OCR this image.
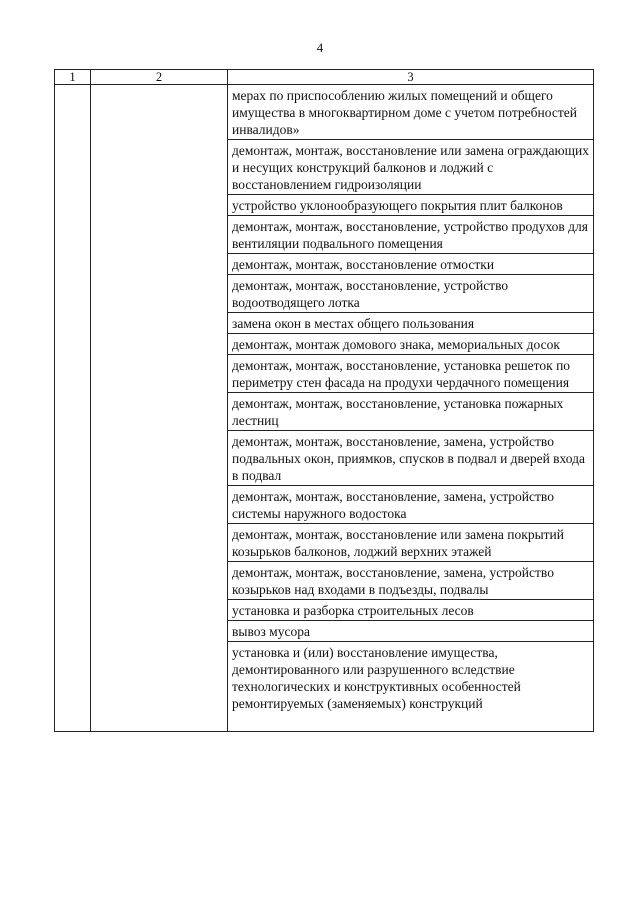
4
1	2	3
		мерах по приспособлению жилых помещений и общего имущества в многоквартирном доме с учетом потребностей инвалидов»
		демонтаж, монтаж, восстановление или замена ограждающих и несущих конструкций балконов и лоджий с восстановлением гидроизоляции
		устройство уклонообразующего покрытия плит балконов
		демонтаж, монтаж, восстановление, устройство продухов для вентиляции подвального помещения
		демонтаж, монтаж, восстановление отмостки
		демонтаж, монтаж, восстановление, устройство водоотводящего лотка
		замена окон в местах общего пользования
		демонтаж, монтаж домового знака, мемориальных досок
		демонтаж, монтаж, восстановление, установка решеток по периметру стен фасада на продухи чердачного помещения
		демонтаж, монтаж, восстановление, установка пожарных лестниц
		демонтаж, монтаж, восстановление, замена, устройство подвальных окон, приямков, спусков в подвал и дверей входа в подвал
		демонтаж, монтаж, восстановление, замена, устройство системы наружного водостока
		демонтаж, монтаж, восстановление или замена покрытий козырьков балконов, лоджий верхних этажей
		демонтаж, монтаж, восстановление, замена, устройство козырьков над входами в подъезды, подвалы
		установка и разборка строительных лесов
		вывоз мусора
		установка и (или) восстановление имущества, демонтированного или разрушенного вследствие технологических и конструктивных особенностей ремонтируемых (заменяемых) конструкций
